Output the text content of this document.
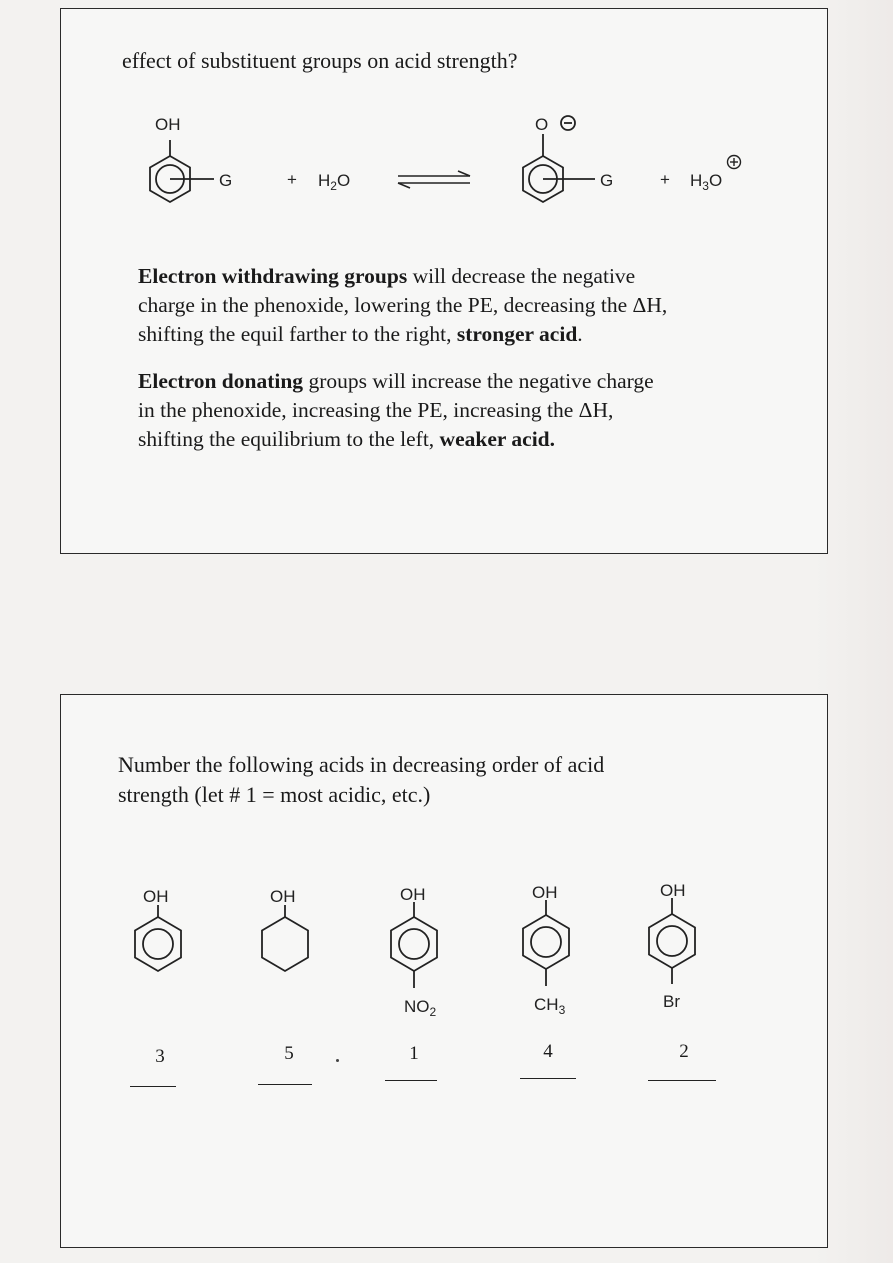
effect of substituent groups on acid strength?
OH
G	+ $H_2O$
O
G	+ $H_3O$
Electron withdrawing groups will decrease the negative
charge in the phenoxide, lowering the PE, decreasing the ΔH,
shifting the equil farther to the right, stronger acid.
Electron donating groups will increase the negative charge
in the phenoxide, increasing the PE, increasing the ΔH,
shifting the equilibrium to the left, weaker acid.
Number the following acids in decreasing order of acid
strength (let # 1 = most acidic, etc.)
OH	OH	OH
$NO_2$
OH
$CH_3$
OH
Br
3	5	1	4	2
